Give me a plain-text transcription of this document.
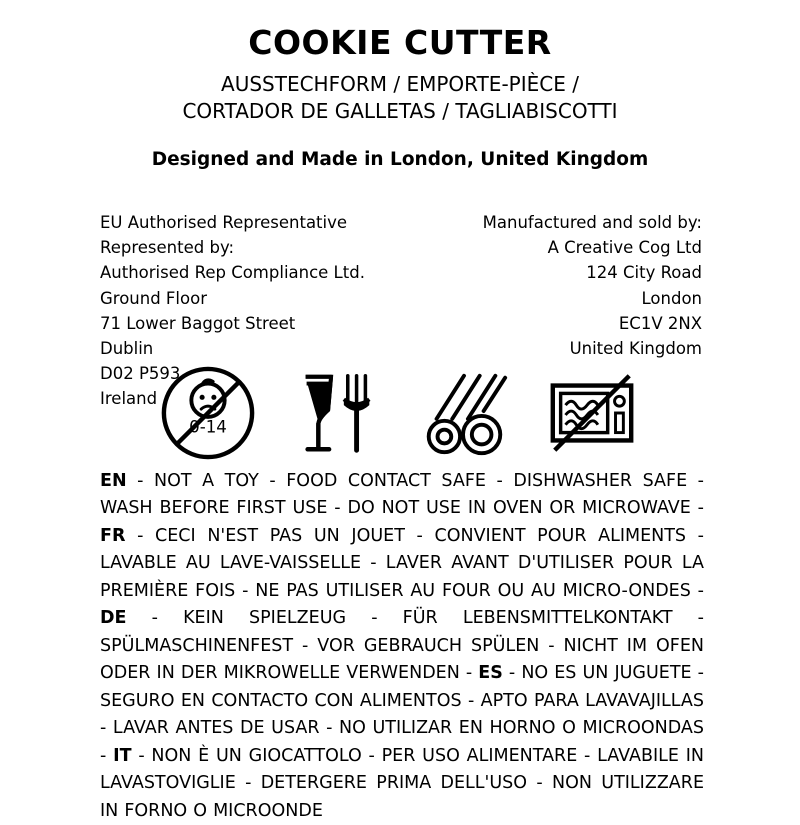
COOKIE CUTTER
AUSSTECHFORM / EMPORTE-PIÈCE /
CORTADOR DE GALLETAS / TAGLIABISCOTTI
Designed and Made in London, United Kingdom
EU Authorised Representative
Represented by:
Authorised Rep Compliance Ltd.
Ground Floor
71 Lower Baggot Street
Dublin
D02 P593
Ireland
Manufactured and sold by:
A Creative Cog Ltd
124 City Road
London
EC1V 2NX
United Kingdom
0-14
EN - NOT A TOY - FOOD CONTACT SAFE - DISHWASHER SAFE - WASH BEFORE FIRST USE - DO NOT USE IN OVEN OR MICROWAVE - FR - CECI N'EST PAS UN JOUET - CONVIENT POUR ALIMENTS - LAVABLE AU LAVE-VAISSELLE - LAVER AVANT D'UTILISER POUR LA PREMIÈRE FOIS - NE PAS UTILISER AU FOUR OU AU MICRO-ONDES - DE - KEIN SPIELZEUG - FÜR LEBENSMITTELKONTAKT - SPÜLMASCHINENFEST - VOR GEBRAUCH SPÜLEN - NICHT IM OFEN ODER IN DER MIKROWELLE VERWENDEN - ES - NO ES UN JUGUETE - SEGURO EN CONTACTO CON ALIMENTOS - APTO PARA LAVAVAJILLAS - LAVAR ANTES DE USAR - NO UTILIZAR EN HORNO O MICROONDAS - IT - NON È UN GIOCATTOLO - PER USO ALIMENTARE - LAVABILE IN LAVASTOVIGLIE - DETERGERE PRIMA DELL'USO - NON UTILIZZARE IN FORNO O MICROONDE
